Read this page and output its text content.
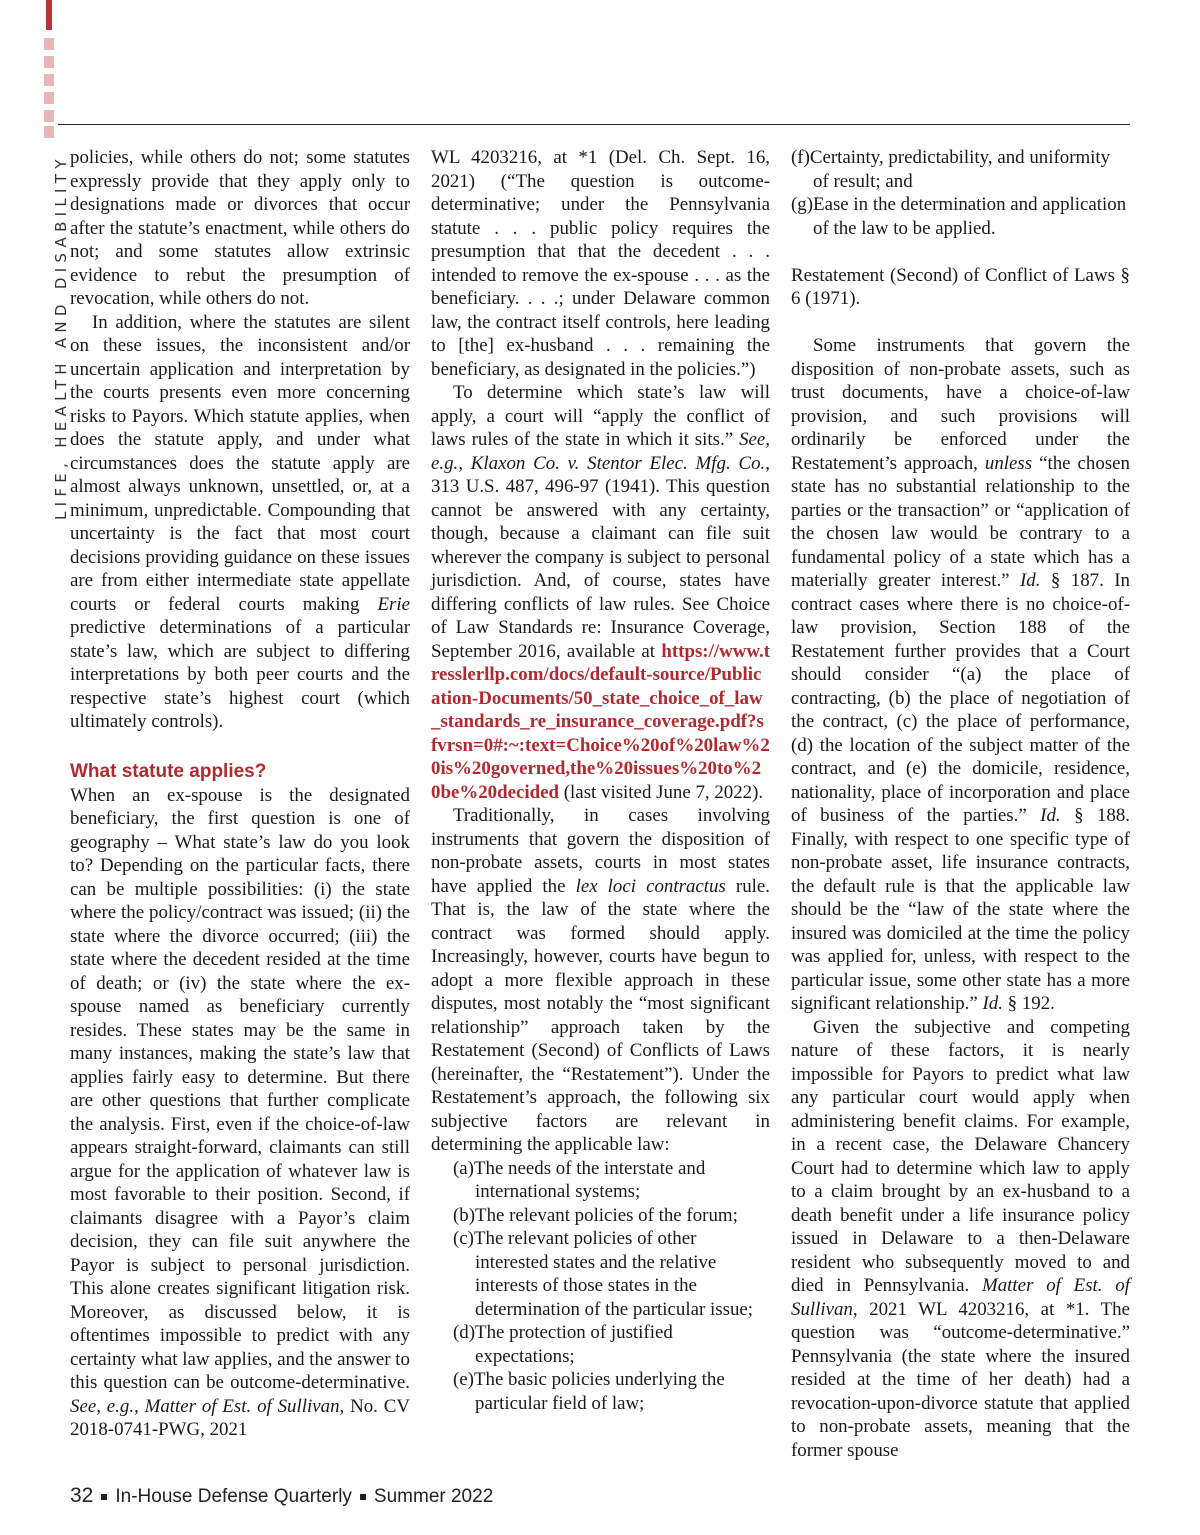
LIFE, HEALTH AND DISABILITY policies, while others do not; some statutes expressly provide that they apply only to designations made or divorces that occur after the statute’s enactment, while others do not; and some statutes allow extrinsic evidence to rebut the presumption of revocation, while others do not.

In addition, where the statutes are silent on these issues, the inconsistent and/or uncertain application and interpretation by the courts presents even more concerning risks to Payors. Which statute applies, when does the statute apply, and under what circumstances does the statute apply are almost always unknown, unsettled, or, at a minimum, unpredictable. Compounding that uncertainty is the fact that most court decisions providing guidance on these issues are from either intermediate state appellate courts or federal courts making Erie predictive determinations of a particular state’s law, which are subject to differing interpretations by both peer courts and the respective state’s highest court (which ultimately controls).

What statute applies?

When an ex-spouse is the designated beneficiary, the first question is one of geography – What state’s law do you look to? Depending on the particular facts, there can be multiple possibilities: (i) the state where the policy/contract was issued; (ii) the state where the divorce occurred; (iii) the state where the decedent resided at the time of death; or (iv) the state where the ex-spouse named as beneficiary currently resides. These states may be the same in many instances, making the state’s law that applies fairly easy to determine. But there are other questions that further complicate the analysis. First, even if the choice-of-law appears straight-forward, claimants can still argue for the application of whatever law is most favorable to their position. Second, if claimants disagree with a Payor’s claim decision, they can file suit anywhere the Payor is subject to personal jurisdiction. This alone creates significant litigation risk. Moreover, as discussed below, it is oftentimes impossible to predict with any certainty what law applies, and the answer to this question can be outcome-determinative. See, e.g., Matter of Est. of Sullivan, No. CV 2018-0741-PWG, 2021

WL 4203216, at *1 (Del. Ch. Sept. 16, 2021) (“The question is outcome-determinative; under the Pennsylvania statute . . . public policy requires the presumption that that the decedent . . . intended to remove the ex-spouse . . . as the beneficiary. . . .; under Delaware common law, the contract itself controls, here leading to [the] ex-husband . . . remaining the beneficiary, as designated in the policies.”)

To determine which state’s law will apply, a court will “apply the conflict of laws rules of the state in which it sits.” See, e.g., Klaxon Co. v. Stentor Elec. Mfg. Co., 313 U.S. 487, 496-97 (1941). This question cannot be answered with any certainty, though, because a claimant can file suit wherever the company is subject to personal jurisdiction. And, of course, states have differing conflicts of law rules. See Choice of Law Standards re: Insurance Coverage, September 2016, available at https://www.tresslerllp.com/docs/default-source/Publication-Documents/50_state_choice_of_law_standards_re_insurance_coverage.pdf?sfvrsn=0#:~:text=Choice%20of%20law%20is%20governed,the%20issues%20to%20be%20decided (last visited June 7, 2022).

Traditionally, in cases involving instruments that govern the disposition of non-probate assets, courts in most states have applied the lex loci contractus rule. That is, the law of the state where the contract was formed should apply. Increasingly, however, courts have begun to adopt a more flexible approach in these disputes, most notably the “most significant relationship” approach taken by the Restatement (Second) of Conflicts of Laws (hereinafter, the “Restatement”). Under the Restatement’s approach, the following six subjective factors are relevant in determining the applicable law:

(a)The needs of the interstate and international systems;
(b)The relevant policies of the forum;
(c)The relevant policies of other interested states and the relative interests of those states in the determination of the particular issue;
(d)The protection of justified expectations;
(e)The basic policies underlying the particular field of law;
(f)Certainty, predictability, and uniformity of result; and
(g)Ease in the determination and application of the law to be applied.

Restatement (Second) of Conflict of Laws § 6 (1971).

Some instruments that govern the disposition of non-probate assets, such as trust documents, have a choice-of-law provision, and such provisions will ordinarily be enforced under the Restatement’s approach, unless “the chosen state has no substantial relationship to the parties or the transaction” or “application of the chosen law would be contrary to a fundamental policy of a state which has a materially greater interest.” Id. § 187. In contract cases where there is no choice-of-law provision, Section 188 of the Restatement further provides that a Court should consider “(a) the place of contracting, (b) the place of negotiation of the contract, (c) the place of performance, (d) the location of the subject matter of the contract, and (e) the domicile, residence, nationality, place of incorporation and place of business of the parties.” Id. § 188. Finally, with respect to one specific type of non-probate asset, life insurance contracts, the default rule is that the applicable law should be the “law of the state where the insured was domiciled at the time the policy was applied for, unless, with respect to the particular issue, some other state has a more significant relationship.” Id. § 192.

Given the subjective and competing nature of these factors, it is nearly impossible for Payors to predict what law any particular court would apply when administering benefit claims. For example, in a recent case, the Delaware Chancery Court had to determine which law to apply to a claim brought by an ex-husband to a death benefit under a life insurance policy issued in Delaware to a then-Delaware resident who subsequently moved to and died in Pennsylvania. Matter of Est. of Sullivan, 2021 WL 4203216, at *1. The question was “outcome-determinative.” Pennsylvania (the state where the insured resided at the time of her death) had a revocation-upon-divorce statute that applied to non-probate assets, meaning that the former spouse

32 In-House Defense Quarterly Summer 2022
